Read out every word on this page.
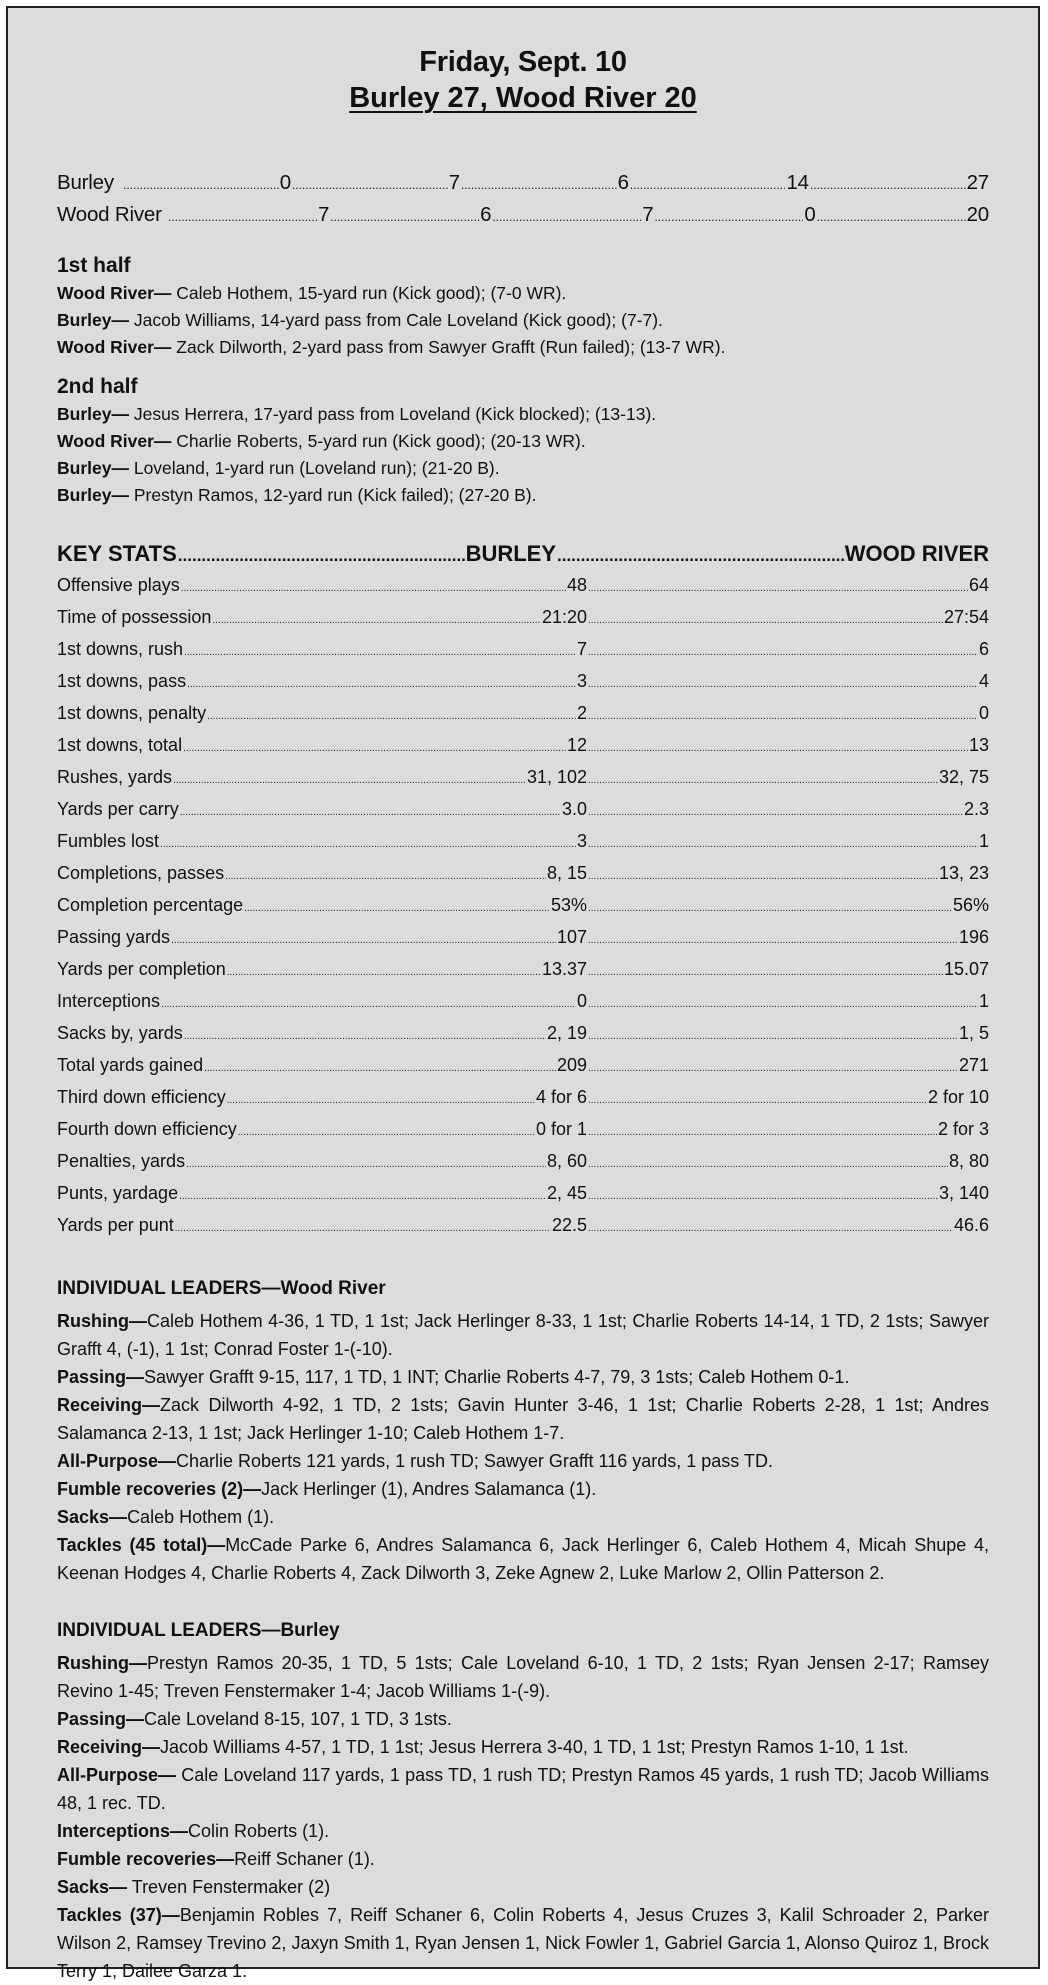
Friday, Sept. 10
Burley 27, Wood River 20
Burley .....	0 .....	7 .....	6 .....	14 .....	27
Wood River .....	7 .....	6 .....	7 .....	0 .....	20
1st half
Wood River— Caleb Hothem, 15-yard run (Kick good); (7-0 WR).
Burley— Jacob Williams, 14-yard pass from Cale Loveland (Kick good); (7-7).
Wood River— Zack Dilworth, 2-yard pass from Sawyer Grafft (Run failed); (13-7 WR).
2nd half
Burley— Jesus Herrera, 17-yard pass from Loveland (Kick blocked); (13-13).
Wood River— Charlie Roberts, 5-yard run (Kick good); (20-13 WR).
Burley— Loveland, 1-yard run (Loveland run); (21-20 B).
Burley— Prestyn Ramos, 12-yard run (Kick failed); (27-20 B).
KEY STATS .....	BURLEY .....	WOOD RIVER
Offensive plays .....	48 .....	64
Time of possession .....	21:20 .....	27:54
1st downs, rush .....	7 .....	6
1st downs, pass .....	3 .....	4
1st downs, penalty .....	2 .....	0
1st downs, total .....	12 .....	13
Rushes, yards .....	31, 102 .....	32, 75
Yards per carry .....	3.0 .....	2.3
Fumbles lost .....	3 .....	1
Completions, passes .....	8, 15 .....	13, 23
Completion percentage .....	53% .....	56%
Passing yards .....	107 .....	196
Yards per completion .....	13.37 .....	15.07
Interceptions .....	0 .....	1
Sacks by, yards .....	2, 19 .....	1, 5
Total yards gained .....	209 .....	271
Third down efficiency .....	4 for 6 .....	2 for 10
Fourth down efficiency .....	0 for 1 .....	2 for 3
Penalties, yards .....	8, 60 .....	8, 80
Punts, yardage .....	2, 45 .....	3, 140
Yards per punt .....	22.5 .....	46.6
INDIVIDUAL LEADERS—Wood River
Rushing—Caleb Hothem 4-36, 1 TD, 1 1st; Jack Herlinger 8-33, 1 1st; Charlie Roberts 14-14, 1 TD, 2 1sts; Sawyer Grafft 4, (-1), 1 1st; Conrad Foster 1-(-10).
Passing—Sawyer Grafft 9-15, 117, 1 TD, 1 INT; Charlie Roberts 4-7, 79, 3 1sts; Caleb Hothem 0-1.
Receiving—Zack Dilworth 4-92, 1 TD, 2 1sts; Gavin Hunter 3-46, 1 1st; Charlie Roberts 2-28, 1 1st; Andres Salamanca 2-13, 1 1st; Jack Herlinger 1-10; Caleb Hothem 1-7.
All-Purpose—Charlie Roberts 121 yards, 1 rush TD; Sawyer Grafft 116 yards, 1 pass TD.
Fumble recoveries (2)—Jack Herlinger (1), Andres Salamanca (1).
Sacks—Caleb Hothem (1).
Tackles (45 total)—McCade Parke 6, Andres Salamanca 6, Jack Herlinger 6, Caleb Hothem 4, Micah Shupe 4, Keenan Hodges 4, Charlie Roberts 4, Zack Dilworth 3, Zeke Agnew 2, Luke Marlow 2, Ollin Patterson 2.
INDIVIDUAL LEADERS—Burley
Rushing—Prestyn Ramos 20-35, 1 TD, 5 1sts; Cale Loveland 6-10, 1 TD, 2 1sts; Ryan Jensen 2-17; Ramsey Revino 1-45; Treven Fenstermaker 1-4; Jacob Williams 1-(-9).
Passing—Cale Loveland 8-15, 107, 1 TD, 3 1sts.
Receiving—Jacob Williams 4-57, 1 TD, 1 1st; Jesus Herrera 3-40, 1 TD, 1 1st; Prestyn Ramos 1-10, 1 1st.
All-Purpose— Cale Loveland 117 yards, 1 pass TD, 1 rush TD; Prestyn Ramos 45 yards, 1 rush TD; Jacob Williams 48, 1 rec. TD.
Interceptions—Colin Roberts (1).
Fumble recoveries—Reiff Schaner (1).
Sacks— Treven Fenstermaker (2)
Tackles (37)—Benjamin Robles 7, Reiff Schaner 6, Colin Roberts 4, Jesus Cruzes 3, Kalil Schroader 2, Parker Wilson 2, Ramsey Trevino 2, Jaxyn Smith 1, Ryan Jensen 1, Nick Fowler 1, Gabriel Garcia 1, Alonso Quiroz 1, Brock Terry 1, Dailee Garza 1.
